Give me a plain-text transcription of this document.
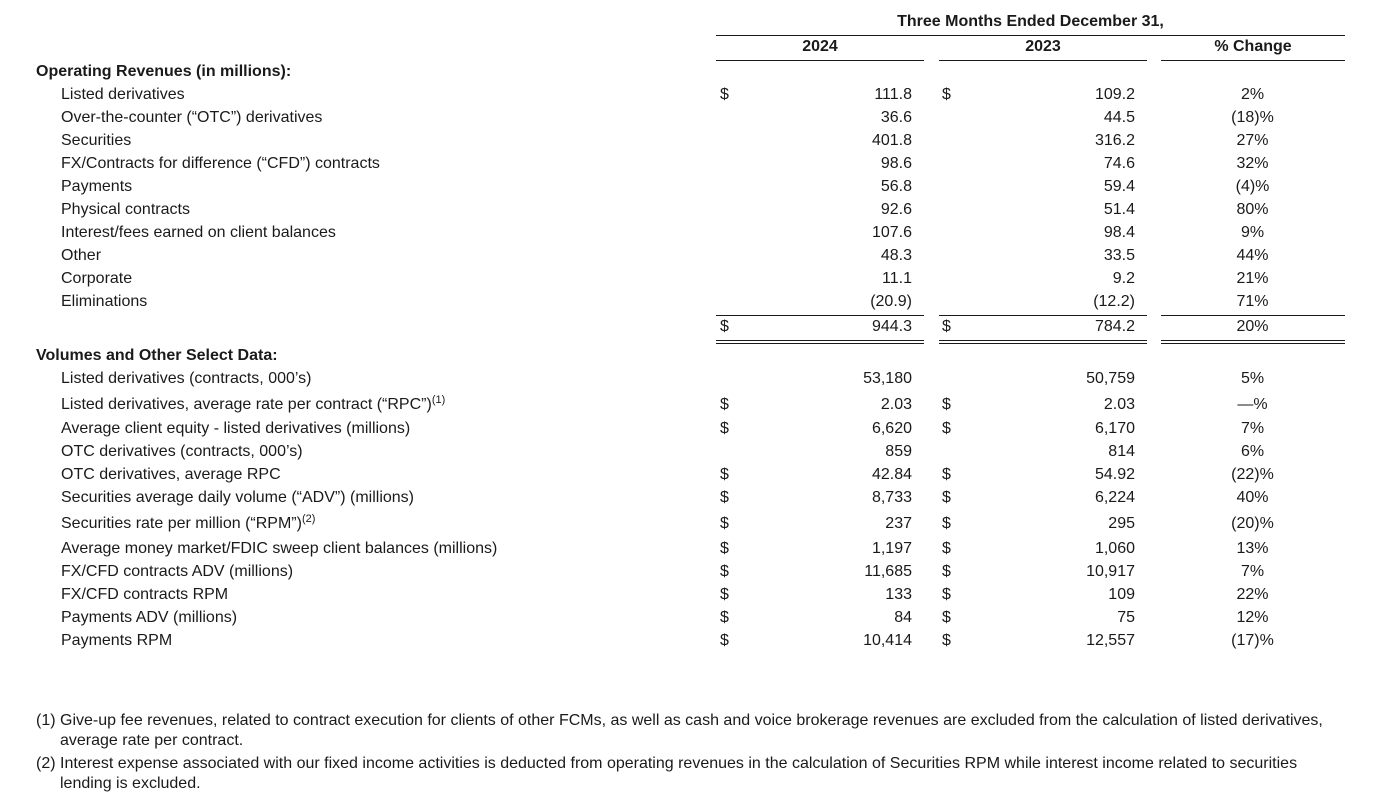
Three Months Ended December 31,
2024	2023	% Change
Operating Revenues (in millions):
Listed derivatives	$	111.8 $	109.2	2%
Over-the-counter (“OTC”) derivatives	36.6	44.5	(18)%
Securities	401.8	316.2	27%
FX/Contracts for difference (“CFD”) contracts	98.6	74.6	32%
Payments	56.8	59.4	(4)%
Physical contracts	92.6	51.4	80%
Interest/fees earned on client balances	107.6	98.4	9%
Other	48.3	33.5	44%
Corporate	11.1	9.2	21%
Eliminations	(20.9)	(12.2)	71%
$	944.3 $	784.2	20%
Volumes and Other Select Data:
Listed derivatives (contracts, 000’s)	53,180	50,759	5%
Listed derivatives, average rate per contract (“RPC”)$^{(1)}$	$	2.03 $	2.03	—%
Average client equity - listed derivatives (millions)	$	6,620 $	6,170	7%
OTC derivatives (contracts, 000’s)	859	814	6%
OTC derivatives, average RPC	$	42.84 $	54.92	(22)%
Securities average daily volume (“ADV”) (millions)	$	8,733 $	6,224	40%
Securities rate per million (“RPM”)$^{(2)}$	$	237 $	295	(20)%
Average money market/FDIC sweep client balances (millions)	$	1,197 $	1,060	13%
FX/CFD contracts ADV (millions)	$	11,685 $	10,917	7%
FX/CFD contracts RPM	$	133 $	109	22%
Payments ADV (millions)	$	84 $	75	12%
Payments RPM	$	10,414 $	12,557	(17)%
(1) Give-up fee revenues, related to contract execution for clients of other FCMs, as well as cash and voice brokerage revenues are excluded from the calculation of listed derivatives, average rate per contract.
(2) Interest expense associated with our fixed income activities is deducted from operating revenues in the calculation of Securities RPM while interest income related to securities lending is excluded.
